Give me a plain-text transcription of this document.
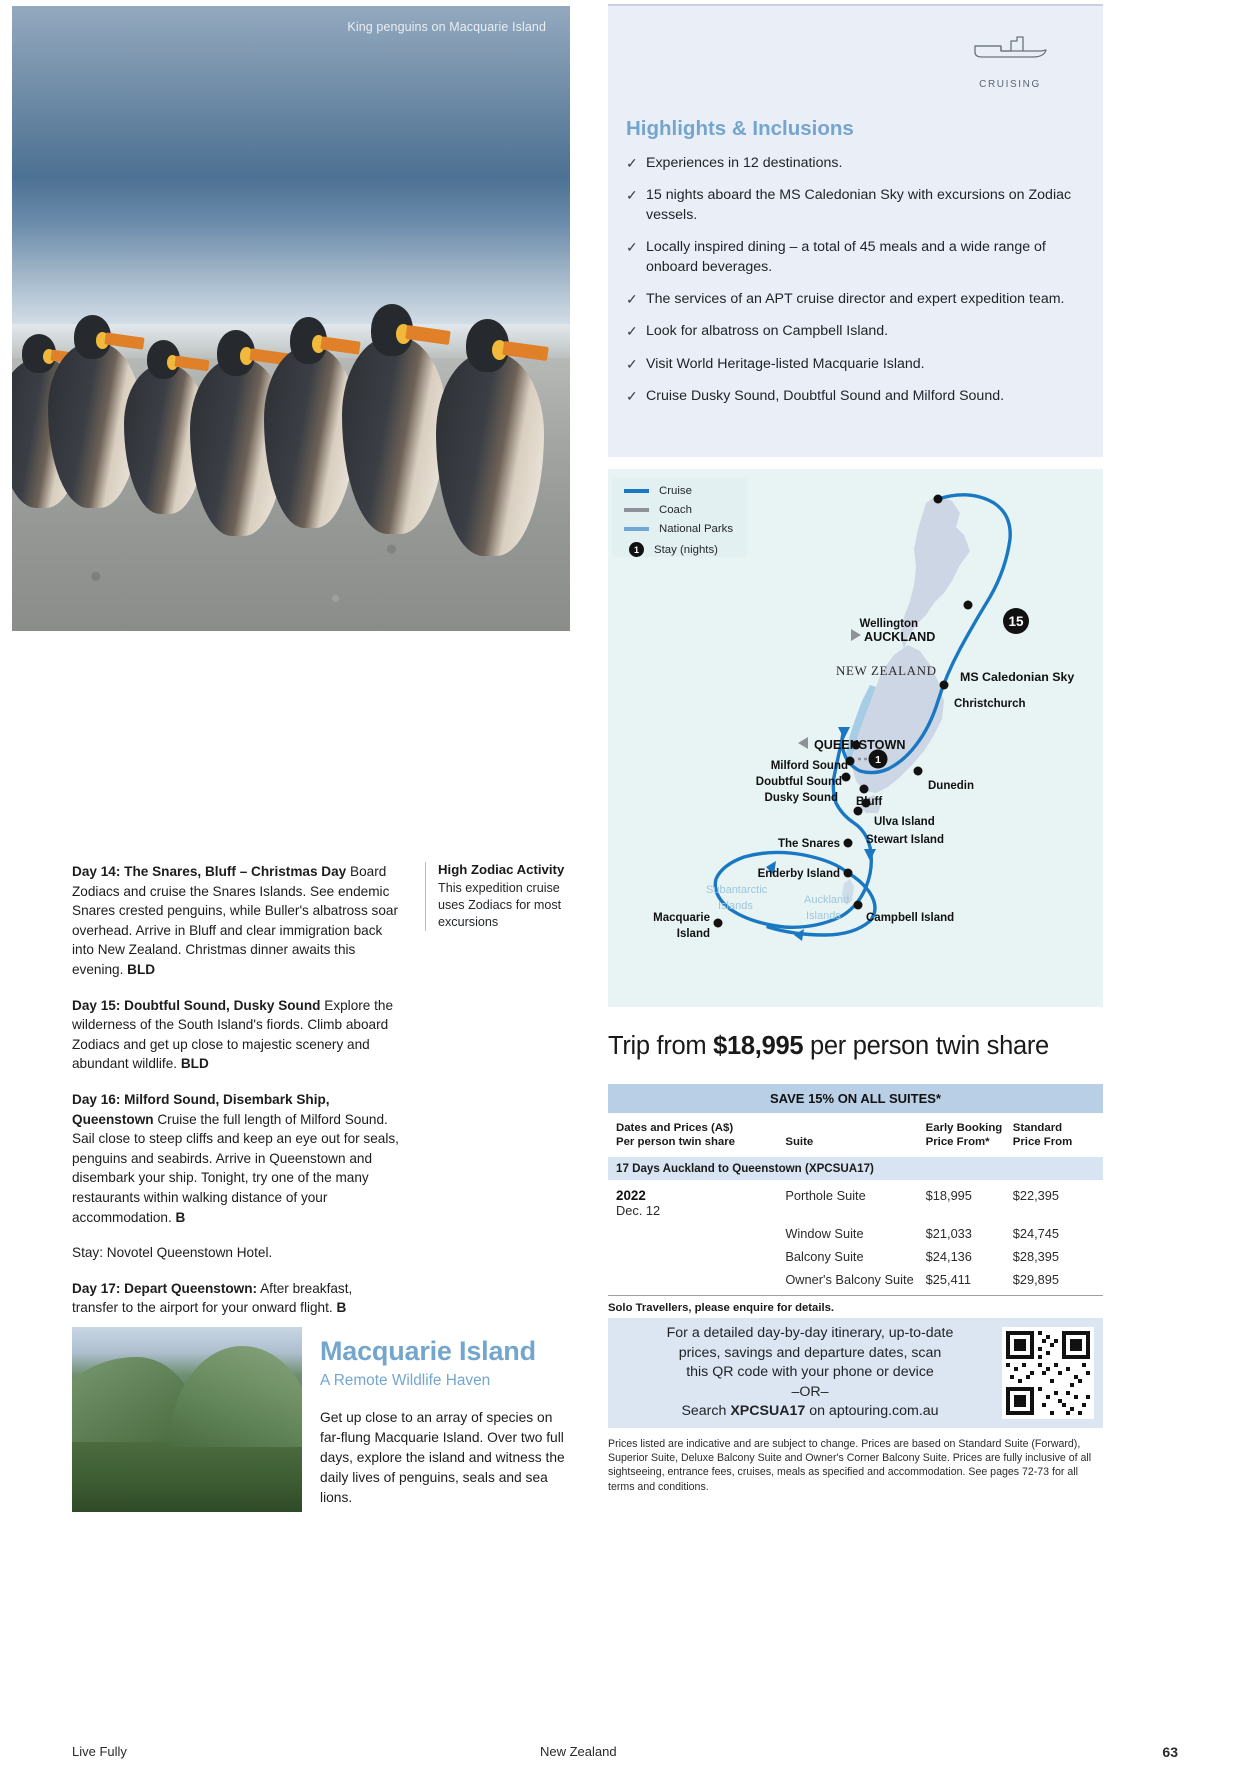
King penguins on Macquarie Island

Day 14: The Snares, Bluff – Christmas Day Board Zodiacs and cruise the Snares Islands. See endemic Snares crested penguins, while Buller's albatross soar overhead. Arrive in Bluff and clear immigration back into New Zealand. Christmas dinner awaits this evening. BLD

Day 15: Doubtful Sound, Dusky Sound Explore the wilderness of the South Island's fiords. Climb aboard Zodiacs and get up close to majestic scenery and abundant wildlife. BLD

Day 16: Milford Sound, Disembark Ship, Queenstown Cruise the full length of Milford Sound. Sail close to steep cliffs and keep an eye out for seals, penguins and seabirds. Arrive in Queenstown and disembark your ship. Tonight, try one of the many restaurants within walking distance of your accommodation. B

Stay: Novotel Queenstown Hotel.

Day 17: Depart Queenstown: After breakfast, transfer to the airport for your onward flight. B

High Zodiac Activity

This expedition cruise uses Zodiacs for most excursions

Macquarie Island
A Remote Wildlife Haven
Get up close to an array of species on far-flung Macquarie Island. Over two full days, explore the island and witness the daily lives of penguins, seals and sea lions.
CRUISING
Highlights & Inclusions
✓ Experiences in 12 destinations.
✓ 15 nights aboard the MS Caledonian Sky with excursions on Zodiac vessels.
✓ Locally inspired dining – a total of 45 meals and a wide range of onboard beverages.
✓ The services of an APT cruise director and expert expedition team.
✓ Look for albatross on Campbell Island.
✓ Visit World Heritage-listed Macquarie Island.
✓ Cruise Dusky Sound, Doubtful Sound and Milford Sound.
15
1
AUCKLAND
Wellington
Christchurch
QUEENSTOWN
Milford Sound
Doubtful Sound
Dusky Sound Bluff
Dunedin
Ulva Island
Stewart Island
The Snares
Enderby Island
Campbell Island
Macquarie
Island
MS Caledonian Sky
NEW ZEALAND
Subantarctic
Islands	Auckland
Islands
Cruise
Coach
National Parks
1	Stay (nights)
Trip from $18,995 per person twin share
SAVE 15% ON ALL SUITES*
Dates and Prices (A$)
Per person twin share	Suite
Early Booking
Price From*
Standard
Price From
17 Days Auckland to Queenstown (XPCSUA17)
2022
Dec. 12
Porthole Suite	$18,995	$22,395
Window Suite	$21,033	$24,745
Balcony Suite	$24,136	$28,395
Owner's Balcony Suite $25,411	$29,895
Solo Travellers, please enquire for details.
For a detailed day-by-day itinerary, up-to-date
prices, savings and departure dates, scan
this QR code with your phone or device
–OR–
Search XPCSUA17 on aptouring.com.au
Prices listed are indicative and are subject to change. Prices are based on Standard Suite (Forward), Superior Suite, Deluxe Balcony Suite and Owner's Corner Balcony Suite. Prices are fully inclusive of all sightseeing, entrance fees, cruises, meals as specified and accommodation. See pages 72-73 for all terms and conditions.
Live Fully	New Zealand	63
